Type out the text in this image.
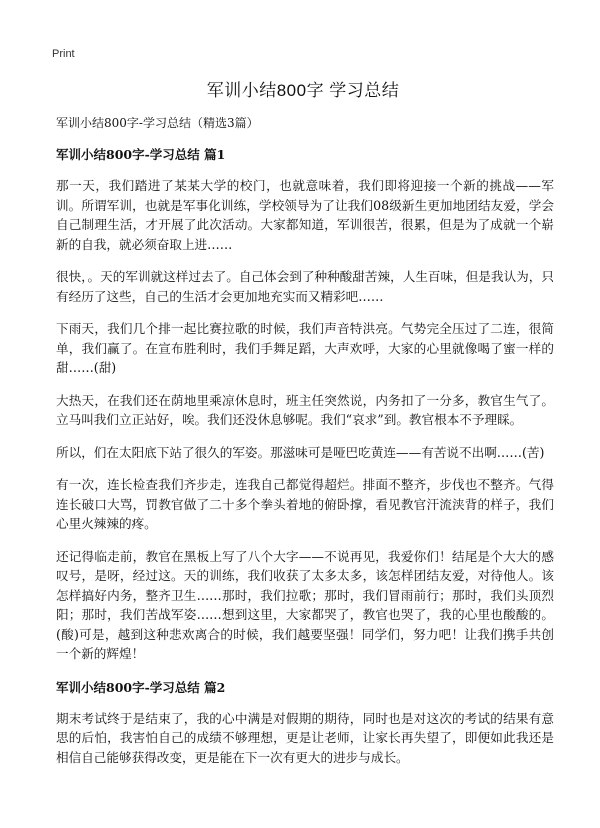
Print
军训小结800字 学习总结
军训小结800字-学习总结（精选3篇）
军训小结800字-学习总结 篇1

那一天，我们踏进了某某大学的校门，也就意味着，我们即将迎接一个新的挑战——军训。所谓军训，也就是军事化训练，学校领导为了让我们08级新生更加地团结友爱，学会自己制理生活，才开展了此次活动。大家都知道，军训很苦，很累，但是为了成就一个崭新的自我，就必须奋取上进……

很快，。天的军训就这样过去了。自己体会到了种种酸甜苦辣，人生百味，但是我认为，只有经历了这些，自己的生活才会更加地充实而又精彩吧……

下雨天，我们几个排一起比赛拉歌的时候，我们声音特洪亮。气势完全压过了二连，很简单，我们赢了。在宣布胜利时，我们手舞足蹈，大声欢呼，大家的心里就像喝了蜜一样的甜……(甜)

大热天，在我们还在荫地里乘凉休息时，班主任突然说，内务扣了一分多，教官生气了。立马叫我们立正站好，唉。我们还没休息够呢。我们“哀求”到。教官根本不予理睬。

所以，们在太阳底下站了很久的军姿。那滋味可是哑巴吃黄连——有苦说不出啊……(苦)

有一次，连长检查我们齐步走，连我自己都觉得超烂。排面不整齐，步伐也不整齐。气得连长破口大骂，罚教官做了二十多个拳头着地的俯卧撑，看见教官汗流浃背的样子，我们心里火辣辣的疼。

还记得临走前，教官在黑板上写了八个大字——不说再见，我爱你们！结尾是个大大的感叹号，是呀，经过这。天的训练，我们收获了太多太多，该怎样团结友爱，对待他人。该怎样搞好内务，整齐卫生……那时，我们拉歌；那时，我们冒雨前行；那时，我们头顶烈阳；那时，我们苦战军姿……想到这里，大家都哭了，教官也哭了，我的心里也酸酸的。(酸)可是，越到这种悲欢离合的时候，我们越要坚强！同学们，努力吧！让我们携手共创一个新的辉煌！

军训小结800字-学习总结 篇2

期末考试终于是结束了，我的心中满是对假期的期待，同时也是对这次的考试的结果有意思的后怕，我害怕自己的成绩不够理想，更是让老师，让家长再失望了，即便如此我还是相信自己能够获得改变，更是能在下一次有更大的进步与成长。
